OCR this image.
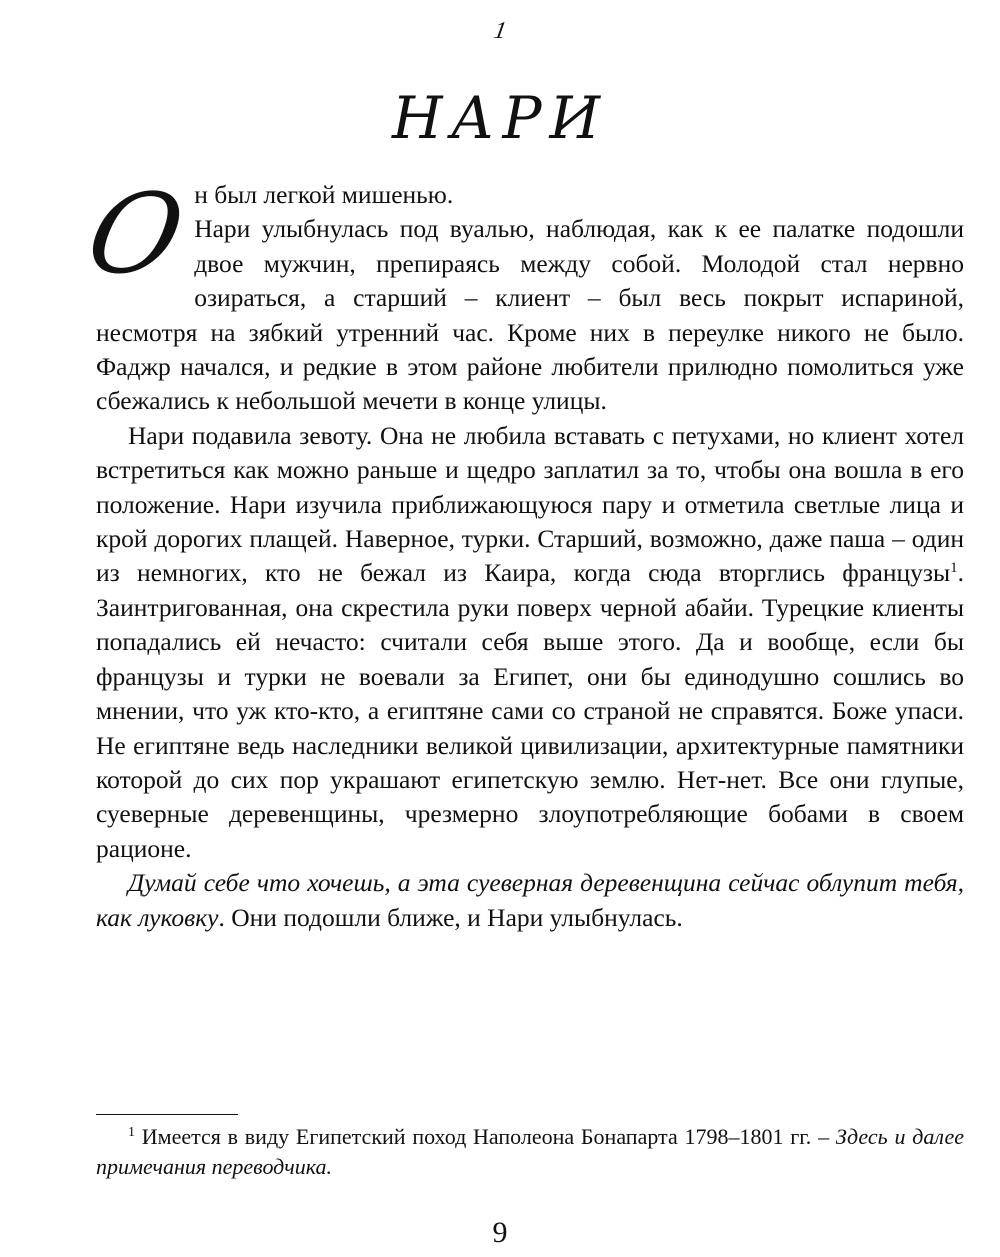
1
НАРИ

Он был легкой мишенью.

Нари улыбнулась под вуалью, наблюдая, как к ее палатке подошли двое мужчин, препираясь между собой. Молодой стал нервно озираться, а старший – клиент – был весь покрыт испариной, несмотря на зябкий утренний час. Кроме них в переулке никого не было. Фаджр начался, и редкие в этом районе любители прилюдно помолиться уже сбежались к небольшой мечети в конце улицы.

Нари подавила зевоту. Она не любила вставать с петухами, но клиент хотел встретиться как можно раньше и щедро заплатил за то, чтобы она вошла в его положение. Нари изучила приближающуюся пару и отметила светлые лица и крой дорогих плащей. Наверное, турки. Старший, возможно, даже паша – один из немногих, кто не бежал из Каира, когда сюда вторглись французы$^1$. Заинтригованная, она скрестила руки поверх черной абайи. Турецкие клиенты попадались ей нечасто: считали себя выше этого. Да и вообще, если бы французы и турки не воевали за Египет, они бы единодушно сошлись во мнении, что уж кто-кто, а египтяне сами со страной не справятся. Боже упаси. Не египтяне ведь наследники великой цивилизации, архитектурные памятники которой до сих пор украшают египетскую землю. Нет-нет. Все они глупые, суеверные деревенщины, чрезмерно злоупотребляющие бобами в своем рационе.

Думай себе что хочешь, а эта суеверная деревенщина сейчас облупит тебя, как луковку. Они подошли ближе, и Нари улыбнулась.

$^1$ Имеется в виду Египетский поход Наполеона Бонапарта 1798–1801 гг. – Здесь и далее примечания переводчика.

9
